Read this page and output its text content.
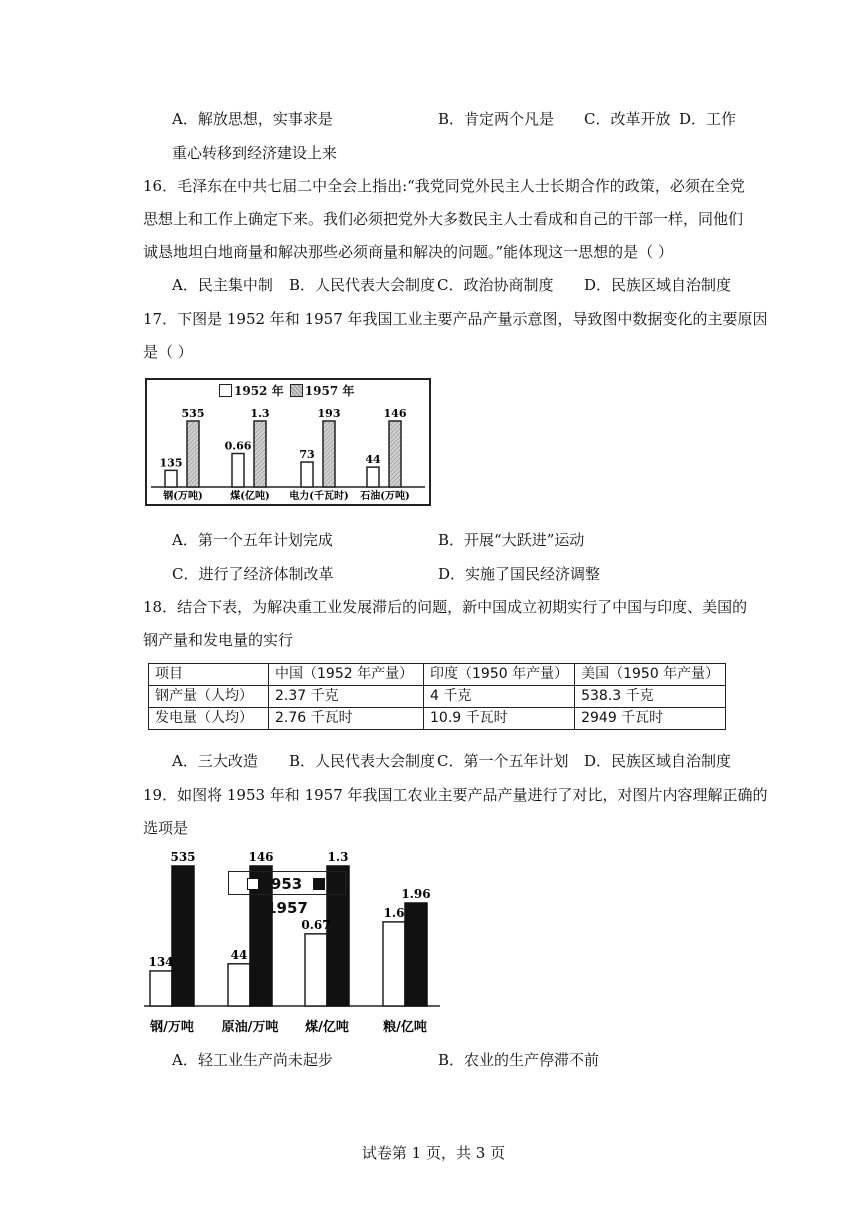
A．解放思想，实事求是	B．肯定两个凡是 C．改革开放 D．工作
重心转移到经济建设上来
16．毛泽东在中共七届二中全会上指出:“我党同党外民主人士长期合作的政策，必须在全党
思想上和工作上确定下来。我们必须把党外大多数民主人士看成和自己的干部一样，同他们
诚恳地坦白地商量和解决那些必须商量和解决的问题。”能体现这一思想的是（ ）
A．民主集中制 B．人民代表大会制度 C．政治协商制度 D．民族区域自治制度
17．下图是 1952 年和 1957 年我国工业主要产品产量示意图，导致图中数据变化的主要原因
是（ ）
1952 年 1957 年
135
535
钢(万吨)
0.66
1.3
煤(亿吨)
73
193
电力(千瓦时)
44
146
石油(万吨)
A．第一个五年计划完成	B．开展“大跃进”运动
C．进行了经济体制改革	D．实施了国民经济调整
18．结合下表，为解决重工业发展滞后的问题，新中国成立初期实行了中国与印度、美国的
钢产量和发电量的实行
项目	中国（1952 年产量）	印度（1950 年产量）	美国（1950 年产量）
钢产量（人均）	2.37 千克	4 千克	538.3 千克
发电量（人均）	2.76 千瓦时	10.9 千瓦时	2949 千瓦时
A．三大改造 B．人民代表大会制度 C．第一个五年计划 D．民族区域自治制度
19．如图将 1953 年和 1957 年我国工农业主要产品产量进行了对比，对图片内容理解正确的
选项是
134
535
钢/万吨
44
146
原油/万吨
0.67
1.3
煤/亿吨
1.6
1.96
粮/亿吨
1953 1957
A．轻工业生产尚未起步	B．农业的生产停滞不前
试卷第 1 页，共 3 页
